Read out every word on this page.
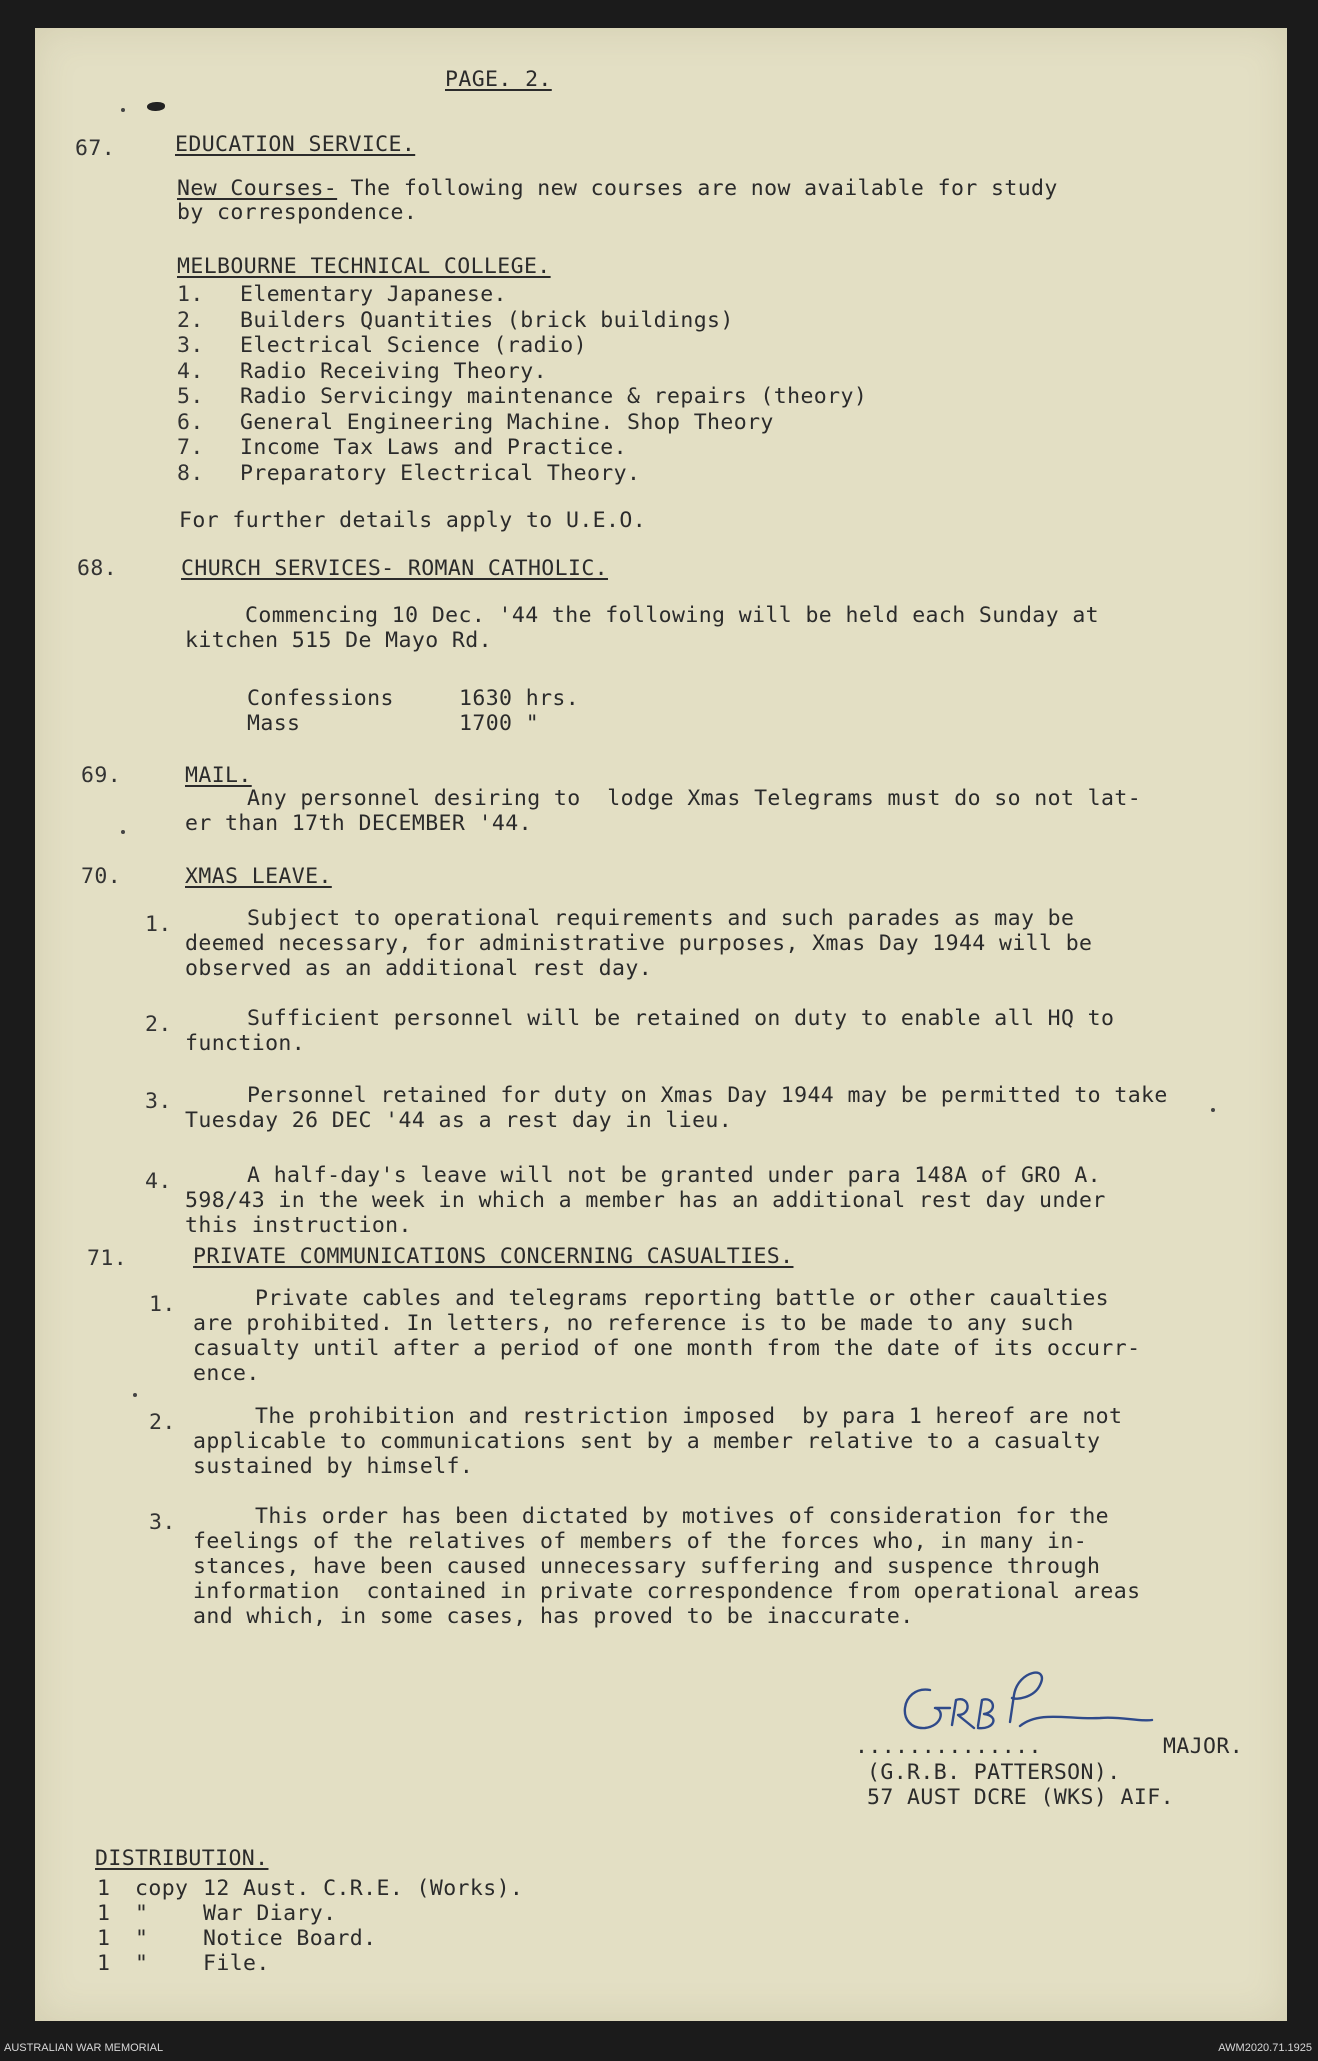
PAGE. 2.
67.	EDUCATION SERVICE.
New Courses- The following new courses are now available for study
by correspondence.
MELBOURNE TECHNICAL COLLEGE.
1. Elementary Japanese.
2. Builders Quantities (brick buildings)
3. Electrical Science (radio)
4. Radio Receiving Theory.
5. Radio Servicingy maintenance & repairs (theory)
6. General Engineering Machine. Shop Theory
7. Income Tax Laws and Practice.
8. Preparatory Electrical Theory.
For further details apply to U.E.O.
68.	CHURCH SERVICES- ROMAN CATHOLIC.
Commencing 10 Dec. '44 the following will be held each Sunday at
kitchen 515 De Mayo Rd.
Confessions	1630 hrs.
Mass	1700 "
69.	MAIL.
Any personnel desiring to  lodge Xmas Telegrams must do so not lat-
er than 17th DECEMBER '44.
70.	XMAS LEAVE.
1.	Subject to operational requirements and such parades as may be
deemed necessary, for administrative purposes, Xmas Day 1944 will be
observed as an additional rest day.
2.	Sufficient personnel will be retained on duty to enable all HQ to
function.
3.	Personnel retained for duty on Xmas Day 1944 may be permitted to take
Tuesday 26 DEC '44 as a rest day in lieu.
4.	A half-day's leave will not be granted under para 148A of GRO A.
598/43 in the week in which a member has an additional rest day under
this instruction.
71.	PRIVATE COMMUNICATIONS CONCERNING CASUALTIES.
1.	Private cables and telegrams reporting battle or other caualties
are prohibited. In letters, no reference is to be made to any such
casualty until after a period of one month from the date of its occurr-
ence.
2.	The prohibition and restriction imposed  by para 1 hereof are not
applicable to communications sent by a member relative to a casualty
sustained by himself.
3.	This order has been dictated by motives of consideration for the
feelings of the relatives of members of the forces who, in many in-
stances, have been caused unnecessary suffering and suspence through
information  contained in private correspondence from operational areas
and which, in some cases, has proved to be inaccurate.
..............	MAJOR.
(G.R.B. PATTERSON).
57 AUST DCRE (WKS) AIF.
DISTRIBUTION.
1 copy 12 Aust. C.R.E. (Works).
1 "	War Diary.
1 "	Notice Board.
1 "	File.
AUSTRALIAN WAR MEMORIAL	AWM2020.71.1925
